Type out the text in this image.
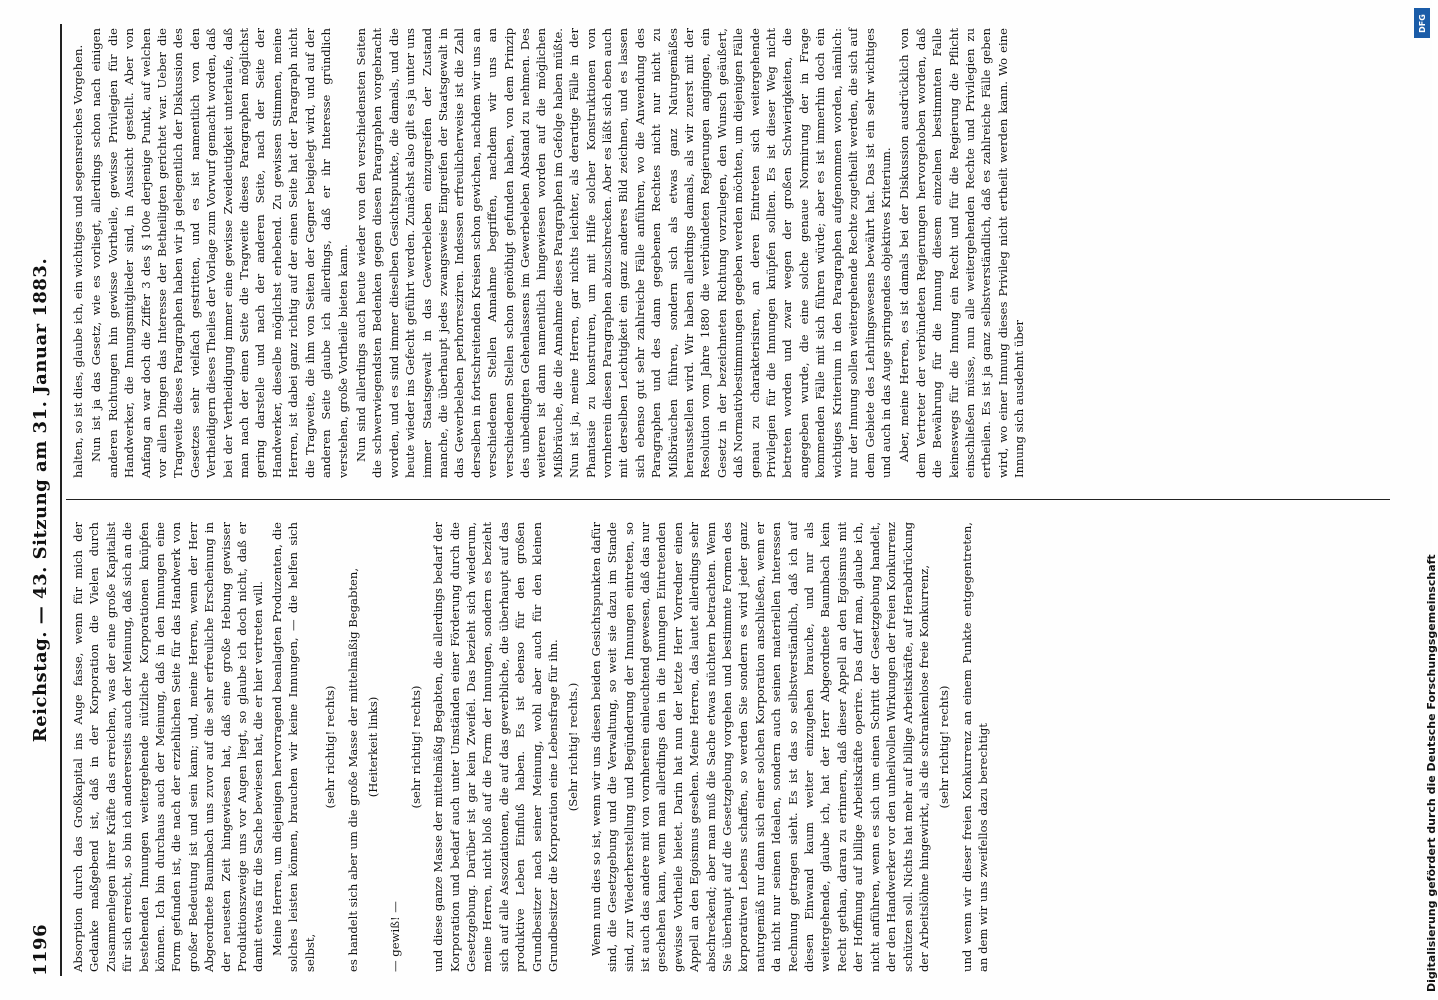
1196
Reichstag. — 43. Sitzung am 31. Januar 1883.

Absorption durch das Großkapital ins Auge fasse, wenn für mich der Gedanke maßgebend ist, daß in der Korporation die Vielen durch Zusammenlegen ihrer Kräfte das erreichen, was der eine große Kapitalist für sich erreicht, so bin ich andererseits auch der Meinung, daß sich an die bestehenden Innungen weitergehende nützliche Korporationen knüpfen können. Ich bin durchaus auch der Meinung, daß in den Innungen eine Form gefunden ist, die nach der erziehlichen Seite für das Handwerk von großer Bedeutung ist und sein kann; und, meine Herren, wenn der Herr Abgeordnete Baumbach uns zuvor auf die sehr erfreuliche Erscheinung in der neuesten Zeit hingewiesen hat, daß eine große Hebung gewisser Produktionszweige uns vor Augen liegt, so glaube ich doch nicht, daß er damit etwas für die Sache bewiesen hat, die er hier vertreten will. Meine Herren, um diejenigen hervorragend beanlagten Produzenten, die solches leisten können, brauchen wir keine Innungen, — die helfen sich selbst,

(sehr richtig! rechts) es handelt sich aber um die große Masse der mittelmäßig Begabten, (Heiterkeit links)

— gewiß! —

(sehr richtig! rechts) und diese ganze Masse der mittelmäßig Begabten, die allerdings bedarf der Korporation und bedarf auch unter Umständen einer Förderung durch die Gesetzgebung. Darüber ist gar kein Zweifel. Das bezieht sich wiederum, meine Herren, nicht bloß auf die Form der Innungen, sondern es bezieht sich auf alle Assoziationen, die auf das gewerbliche, die überhaupt auf das produktive Leben Einfluß haben. Es ist ebenso für den großen Grundbesitzer nach seiner Meinung, wohl aber auch für den kleinen Grundbesitzer die Korporation eine Lebensfrage für ihn. (Sehr richtig! rechts.) Wenn nun dies so ist, wenn wir uns diesen beiden Gesichtspunkten dafür sind, die Gesetzgebung und die Verwaltung, so weit sie dazu im Stande sind, zur Wiederherstellung und Begünderung der Innungen eintreten, so ist auch das andere mit von vornherein einleuchtend gewesen, daß das nur geschehen kann, wenn man allerdings den in die Innungen Eintretenden gewisse Vortheile bietet. Darin hat nun der letzte Herr Vorredner einen Appell an den Egoismus gesehen. Meine Herren, das lautet allerdings sehr abschreckend; aber man muß die Sache etwas nüchtern betrachten. Wenn Sie überhaupt auf die Gesetzgebung vorgehen und bestimmte Formen des korporativen Lebens schaffen, so werden Sie sondern es wird jeder ganz naturgemäß nur dann sich einer solchen Korporation anschließen, wenn er da nicht nur seinen Idealen, sondern auch seinen materiellen Interessen Rechnung getragen sieht. Es ist das so selbstverständlich, daß ich auf diesen Einwand kaum weiter einzugehen brauche, und nur als weitergehende, glaube ich, hat der Herr Abgeordnete Baumbach kein Recht gethan, daran zu erinnern, daß dieser Appell an den Egoismus mit der Hoffnung auf billige Arbeitskräfte operire. Das darf man, glaube ich, nicht anführen, wenn es sich um einen Schritt der Gesetzgebung handelt, der den Handwerker vor den unheilvollen Wirkungen der freien Konkurrenz schützen soll. Nichts hat mehr auf billige Arbeitskräfte, auf Herabdrückung der Arbeitslöhne hingewirkt, als die schrankenlose freie Konkurrenz, (sehr richtig! rechts) und wenn wir dieser freien Konkurrenz an einem Punkte entgegentreten, an dem wir uns zweifellos dazu berechtigt

halten, so ist dies, glaube ich, ein wichtiges und segensreiches Vorgehen. Nun ist ja das Gesetz, wie es vorliegt, allerdings schon nach einigen anderen Richtungen hin gewisse Vortheile, gewisse Privilegien für die Handwerker, die Innungsmitglieder sind, in Aussicht gestellt. Aber von Anfang an war doch die Ziffer 3 des § 100e derjenige Punkt, auf welchen vor allen Dingen das Interesse der Betheiligten gerichtet war. Ueber die Tragweite dieses Paragraphen haben wir ja gelegentlich der Diskussion des Gesetzes sehr vielfach gestritten, und es ist namentlich von den Vertheidigern dieses Theiles der Vorlage zum Vorwurf gemacht worden, daß bei der Vertheidigung immer eine gewisse Zweideutigkeit unterlaufe, daß man nach der einen Seite die Tragweite dieses Paragraphen möglichst gering darstelle und nach der anderen Seite, nach der Seite der Handwerker, dieselbe möglichst erhebend. Zu gewissen Stimmen, meine Herren, ist dabei ganz richtig auf der einen Seite hat der Paragraph nicht die Tragweite, die ihm von Seiten der Gegner beigelegt wird, und auf der anderen Seite glaube ich allerdings, daß er ihr Interesse gründlich verstehen, große Vortheile bieten kann. Nun sind allerdings auch heute wieder von den verschiedensten Seiten die schwerwiegendsten Bedenken gegen diesen Paragraphen vorgebracht worden, und es sind immer dieselben Gesichtspunkte, die damals, und die heute wieder ins Gefecht geführt werden. Zunächst also gilt es ja unter uns immer Staatsgewalt in das Gewerbeleben einzugreifen der Zustand manche, die überhaupt jedes zwangsweise Eingreifen der Staatsgewalt in das Gewerbeleben perhorresziren. Indessen erfreulicherweise ist die Zahl derselben in fortschreitenden Kreisen schon gewichen, nachdem wir uns an verschiedenen Stellen Annahme begriffen, nachdem wir uns an verschiedenen Stellen schon genöthigt gefunden haben, von dem Prinzip des unbedingten Gehenlassens im Gewerbeleben Abstand zu nehmen. Des weiteren ist dann namentlich hingewiesen worden auf die möglichen Mißbräuche, die die Annahme dieses Paragraphen im Gefolge haben müßte. Nun ist ja, meine Herren, gar nichts leichter, als derartige Fälle in der Phantasie zu konstruiren, um mit Hilfe solcher Konstruktionen von vornherein diesen Paragraphen abzuschrecken. Aber es läßt sich eben auch mit derselben Leichtigkeit ein ganz anderes Bild zeichnen, und es lassen sich ebenso gut sehr zahlreiche Fälle anführen, wo die Anwendung des Paragraphen und des dann gegebenen Rechtes nicht nur nicht zu Mißbräuchen führen, sondern sich als etwas ganz Naturgemäßes herausstellen wird. Wir haben allerdings damals, als wir zuerst mit der Resolution vom Jahre 1880 die verbündeten Regierungen angingen, ein Gesetz in der bezeichneten Richtung vorzulegen, den Wunsch geäußert, daß Normativbestimmungen gegeben werden möchten, um diejenigen Fälle genau zu charakterisiren, an deren Eintreten sich weitergehende Privilegien für die Innungen knüpfen sollten. Es ist dieser Weg nicht betreten worden und zwar wegen der großen Schwierigkeiten, die angegeben wurde, die eine solche genaue Normirung der in Frage kommenden Fälle mit sich führen würde; aber es ist immerhin doch ein wichtiges Kriterium in den Paragraphen aufgenommen worden, nämlich: nur der Innung sollen weitergehende Rechte zugetheilt werden, die sich auf dem Gebiete des Lehrlingswesens bewährt hat. Das ist ein sehr wichtiges und auch in das Auge springendes objektives Kriterium. Aber, meine Herren, es ist damals bei der Diskussion ausdrücklich von dem Vertreter der verbündeten Regierungen hervorgehoben worden, daß die Bewährung für die Innung diesem einzelnen bestimmten Falle keineswegs für die Innung ein Recht und für die Regierung die Pflicht einschließen müsse, nun alle weitergehenden Rechte und Privilegien zu ertheilen. Es ist ja ganz selbstverständlich, daß es zahlreiche Fälle geben wird, wo einer Innung dieses Privileg nicht ertheilt werden kann. Wo eine Innung sich ausdehnt über

DFG
Digitalisierung gefördert durch die Deutsche Forschungsgemeinschaft
